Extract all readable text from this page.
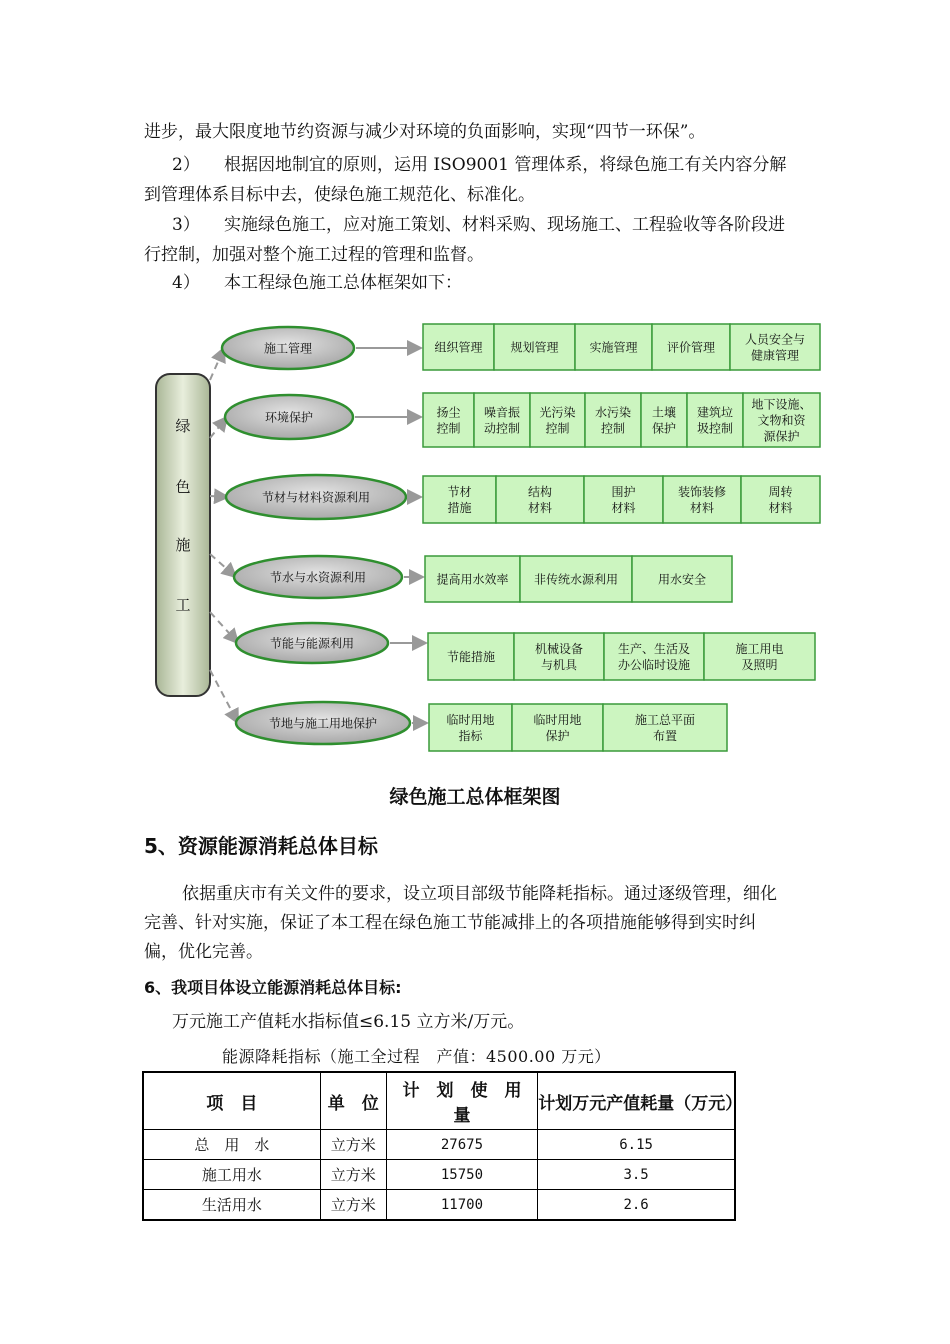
进步，最大限度地节约资源与减少对环境的负面影响，实现“四节一环保”。

2） 根据因地制宜的原则，运用 ISO9001 管理体系，将绿色施工有关内容分解
到管理体系目标中去，使绿色施工规范化、标准化。

3） 实施绿色施工，应对施工策划、材料采购、现场施工、工程验收等各阶段进
行控制，加强对整个施工过程的管理和监督。

4） 本工程绿色施工总体框架如下：

绿
色
施
工
施工管理	组织管理 规划管理	实施管理 评价管理
人员安全与
健康管理
环境保护	扬尘
控制
噪音振
动控制
光污染
控制
水污染
控制
土壤
保护
建筑垃
圾控制
地下设施、
文物和资
源保护
节材与材料资源利用	节材
措施
结构
材料
围护
材料
装饰装修
材料
周转
材料
节水与水资源利用	提高用水效率 非传统水源利用	用水安全
节能与能源利用
节能措施
机械设备
与机具
生产、生活及
办公临时设施
施工用电
及照明
节地与施工用地保护	临时用地
指标
临时用地
保护
施工总平面
布置
绿色施工总体框架图
5、资源能源消耗总体目标

依据重庆市有关文件的要求，设立项目部级节能降耗指标。通过逐级管理，细化
完善、针对实施，保证了本工程在绿色施工节能减排上的各项措施能够得到实时纠
偏，优化完善。

6、我项目体设立能源消耗总体目标:

万元施工产值耗水指标值≤6.15 立方米/万元。

能源降耗指标（施工全过程　产值：4500.00 万元）
项　目	单　位	计　划　使　用　量	计划万元产值耗量（万元）
总　用　水	立方米	27675	6.15
施工用水	立方米	15750	3.5
生活用水	立方米	11700	2.6
